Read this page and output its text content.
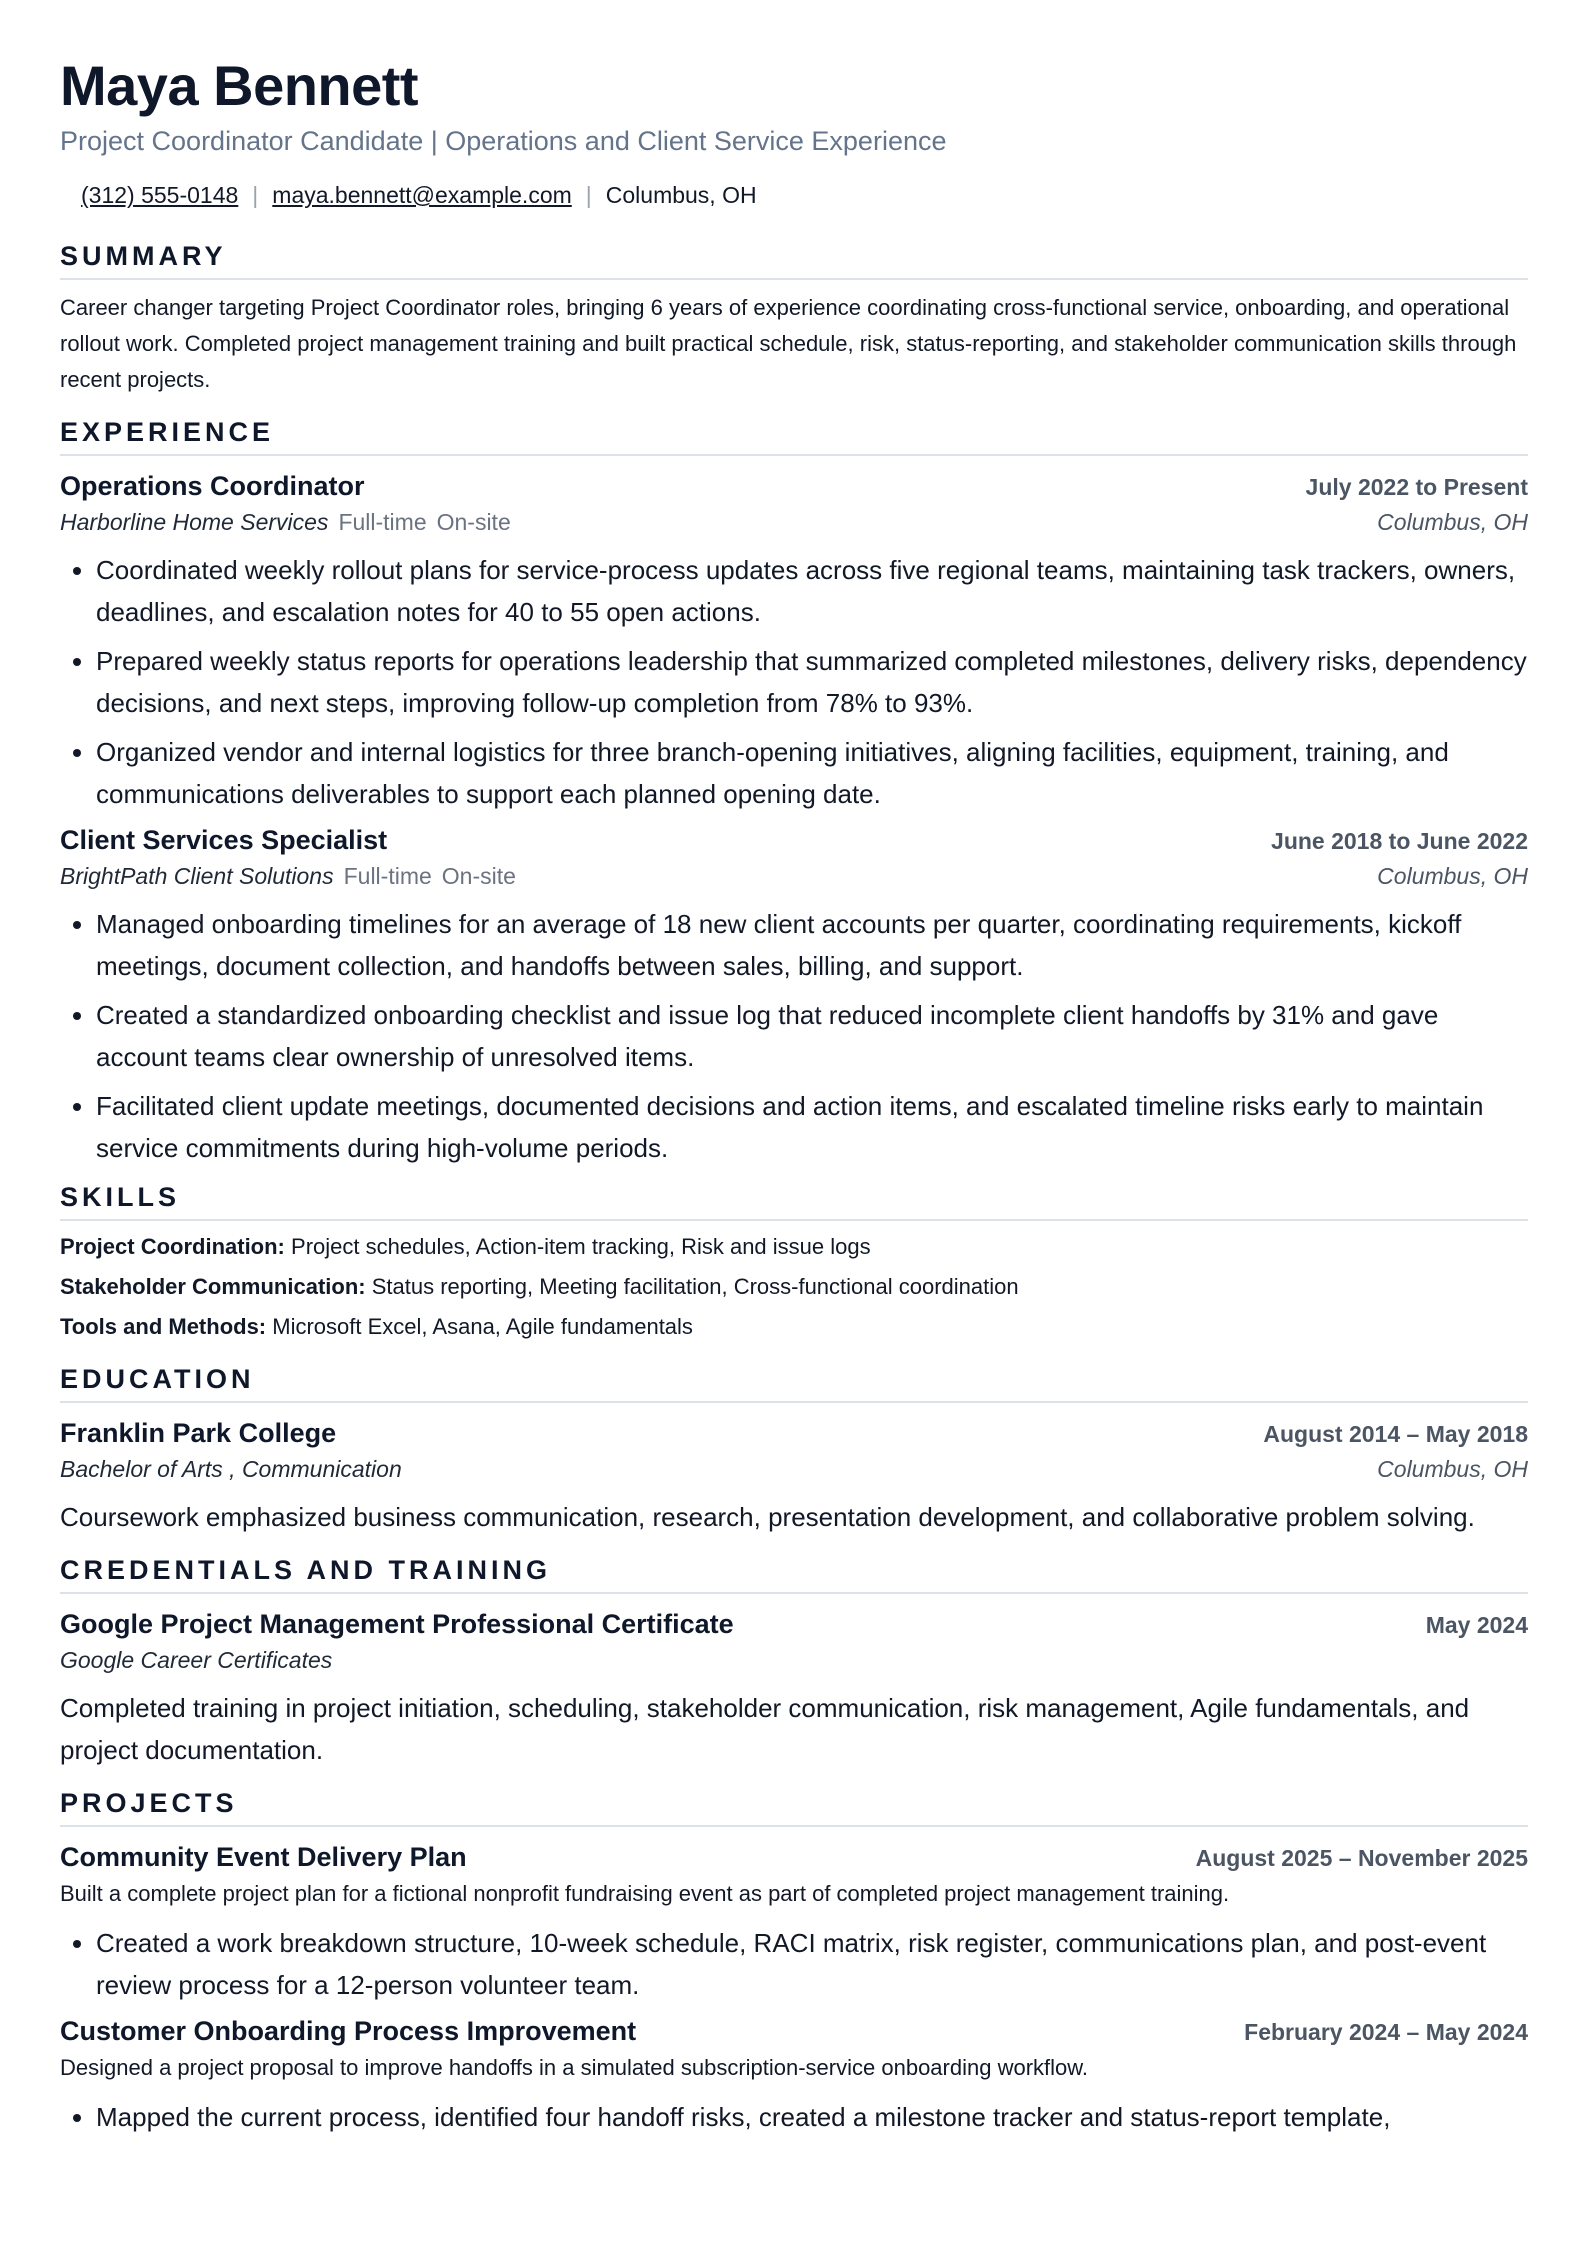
Maya Bennett
Project Coordinator Candidate | Operations and Client Service Experience
(312) 555-0148 | maya.bennett@example.com | Columbus, OH
SUMMARY
Career changer targeting Project Coordinator roles, bringing 6 years of experience coordinating cross-functional service, onboarding, and operational rollout work. Completed project management training and built practical schedule, risk, status-reporting, and stakeholder communication skills through recent projects.
EXPERIENCE
Operations Coordinator	July 2022 to Present
Harborline Home Services Full-time On-site	Columbus, OH
• Coordinated weekly rollout plans for service-process updates across five regional teams, maintaining task trackers, owners, deadlines, and escalation notes for 40 to 55 open actions.
• Prepared weekly status reports for operations leadership that summarized completed milestones, delivery risks, dependency decisions, and next steps, improving follow-up completion from 78% to 93%.
• Organized vendor and internal logistics for three branch-opening initiatives, aligning facilities, equipment, training, and communications deliverables to support each planned opening date.
Client Services Specialist	June 2018 to June 2022
BrightPath Client Solutions Full-time On-site	Columbus, OH
• Managed onboarding timelines for an average of 18 new client accounts per quarter, coordinating requirements, kickoff meetings, document collection, and handoffs between sales, billing, and support.
• Created a standardized onboarding checklist and issue log that reduced incomplete client handoffs by 31% and gave account teams clear ownership of unresolved items.
• Facilitated client update meetings, documented decisions and action items, and escalated timeline risks early to maintain service commitments during high-volume periods.
SKILLS
Project Coordination: Project schedules, Action-item tracking, Risk and issue logs
Stakeholder Communication: Status reporting, Meeting facilitation, Cross-functional coordination
Tools and Methods: Microsoft Excel, Asana, Agile fundamentals
EDUCATION
Franklin Park College	August 2014 – May 2018
Bachelor of Arts , Communication	Columbus, OH
Coursework emphasized business communication, research, presentation development, and collaborative problem solving.
CREDENTIALS AND TRAINING
Google Project Management Professional Certificate	May 2024
Google Career Certificates
Completed training in project initiation, scheduling, stakeholder communication, risk management, Agile fundamentals, and project documentation.
PROJECTS
Community Event Delivery Plan	August 2025 – November 2025
Built a complete project plan for a fictional nonprofit fundraising event as part of completed project management training.
• Created a work breakdown structure, 10-week schedule, RACI matrix, risk register, communications plan, and post-event review process for a 12-person volunteer team.
Customer Onboarding Process Improvement	February 2024 – May 2024
Designed a project proposal to improve handoffs in a simulated subscription-service onboarding workflow.
• Mapped the current process, identified four handoff risks, created a milestone tracker and status-report template,
